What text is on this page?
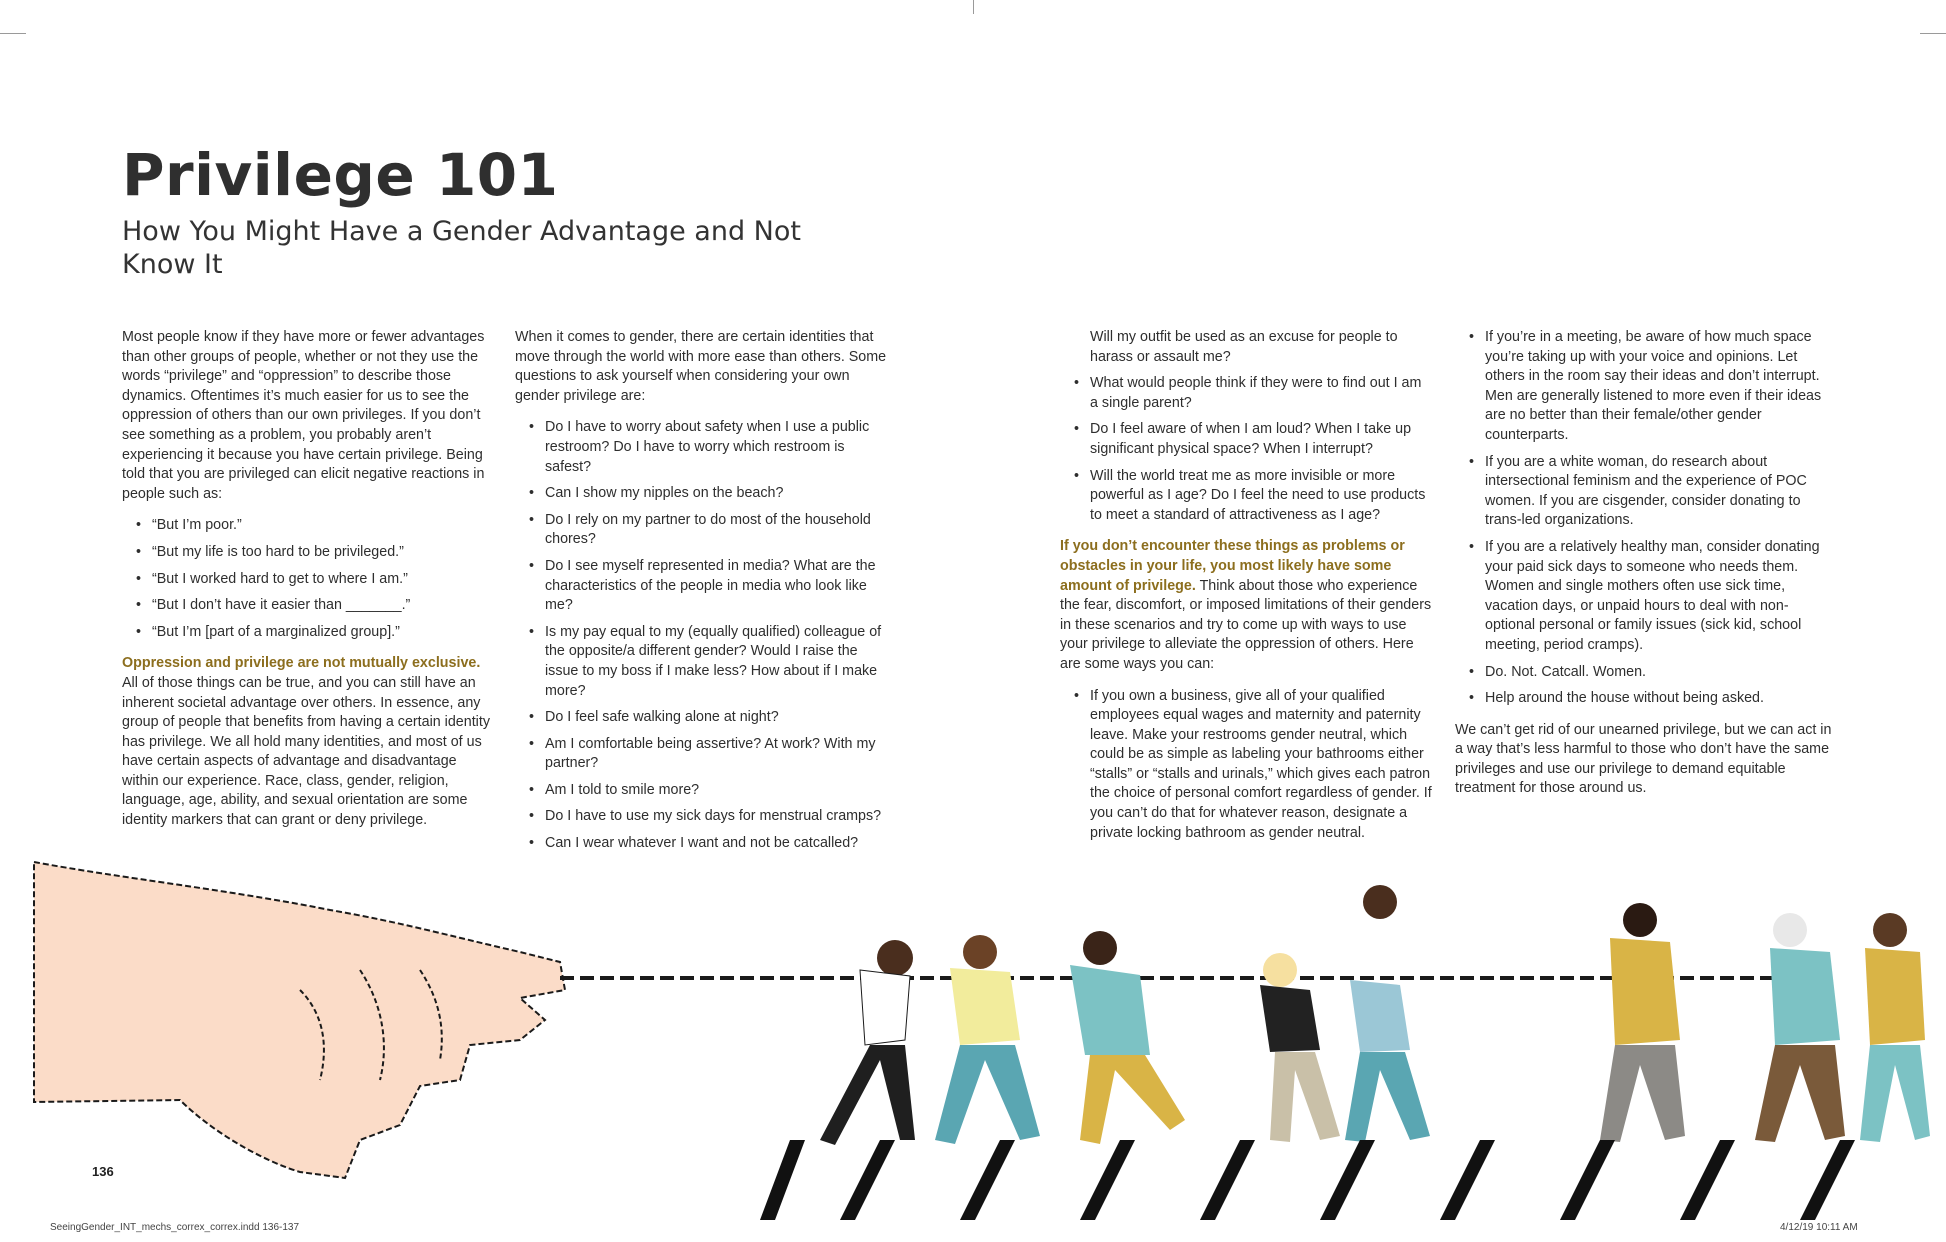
Privilege 101
How You Might Have a Gender Advantage and Not Know It

Most people know if they have more or fewer advantages than other groups of people, whether or not they use the words “privilege” and “oppression” to describe those dynamics. Oftentimes it’s much easier for us to see the oppression of others than our own privileges. If you don’t see something as a problem, you probably aren’t experiencing it because you have certain privilege. Being told that you are privileged can elicit negative reactions in people such as:

• “But I’m poor.”
• “But my life is too hard to be privileged.”
• “But I worked hard to get to where I am.”
• “But I don’t have it easier than _______.”
• “But I’m [part of a marginalized group].”

Oppression and privilege are not mutually exclusive. All of those things can be true, and you can still have an inherent societal advantage over others. In essence, any group of people that benefits from having a certain identity has privilege. We all hold many identities, and most of us have certain aspects of advantage and disadvantage within our experience. Race, class, gender, religion, language, age, ability, and sexual orientation are some identity markers that can grant or deny privilege.

When it comes to gender, there are certain identities that move through the world with more ease than others. Some questions to ask yourself when considering your own gender privilege are:

• Do I have to worry about safety when I use a public restroom? Do I have to worry which restroom is safest?
• Can I show my nipples on the beach?
• Do I rely on my partner to do most of the household chores?
• Do I see myself represented in media? What are the characteristics of the people in media who look like me?
• Is my pay equal to my (equally qualified) colleague of the opposite/a different gender? Would I raise the issue to my boss if I make less? How about if I make more?
• Do I feel safe walking alone at night?
• Am I comfortable being assertive? At work? With my partner?
• Am I told to smile more?
• Do I have to use my sick days for menstrual cramps?
• Can I wear whatever I want and not be catcalled?
Will my outfit be used as an excuse for people to harass or assault me?
• What would people think if they were to find out I am a single parent?
• Do I feel aware of when I am loud? When I take up significant physical space? When I interrupt?
• Will the world treat me as more invisible or more powerful as I age? Do I feel the need to use products to meet a standard of attractiveness as I age?

If you don’t encounter these things as problems or obstacles in your life, you most likely have some amount of privilege. Think about those who experience the fear, discomfort, or imposed limitations of their genders in these scenarios and try to come up with ways to use your privilege to alleviate the oppression of others. Here are some ways you can:

• If you own a business, give all of your qualified employees equal wages and maternity and paternity leave. Make your restrooms gender neutral, which could be as simple as labeling your bathrooms either “stalls” or “stalls and urinals,” which gives each patron the choice of personal comfort regardless of gender. If you can’t do that for whatever reason, designate a private locking bathroom as gender neutral.
• If you’re in a meeting, be aware of how much space you’re taking up with your voice and opinions. Let others in the room say their ideas and don’t interrupt. Men are generally listened to more even if their ideas are no better than their female/other gender counterparts.
• If you are a white woman, do research about intersectional feminism and the experience of POC women. If you are cisgender, consider donating to trans-led organizations.
• If you are a relatively healthy man, consider donating your paid sick days to someone who needs them. Women and single mothers often use sick time, vacation days, or unpaid hours to deal with non-optional personal or family issues (sick kid, school meeting, period cramps).
• Do. Not. Catcall. Women.
• Help around the house without being asked.

We can’t get rid of our unearned privilege, but we can act in a way that’s less harmful to those who don’t have the same privileges and use our privilege to demand equitable treatment for those around us.

136
SeeingGender_INT_mechs_correx_correx.indd 136-137	4/12/19 10:11 AM
